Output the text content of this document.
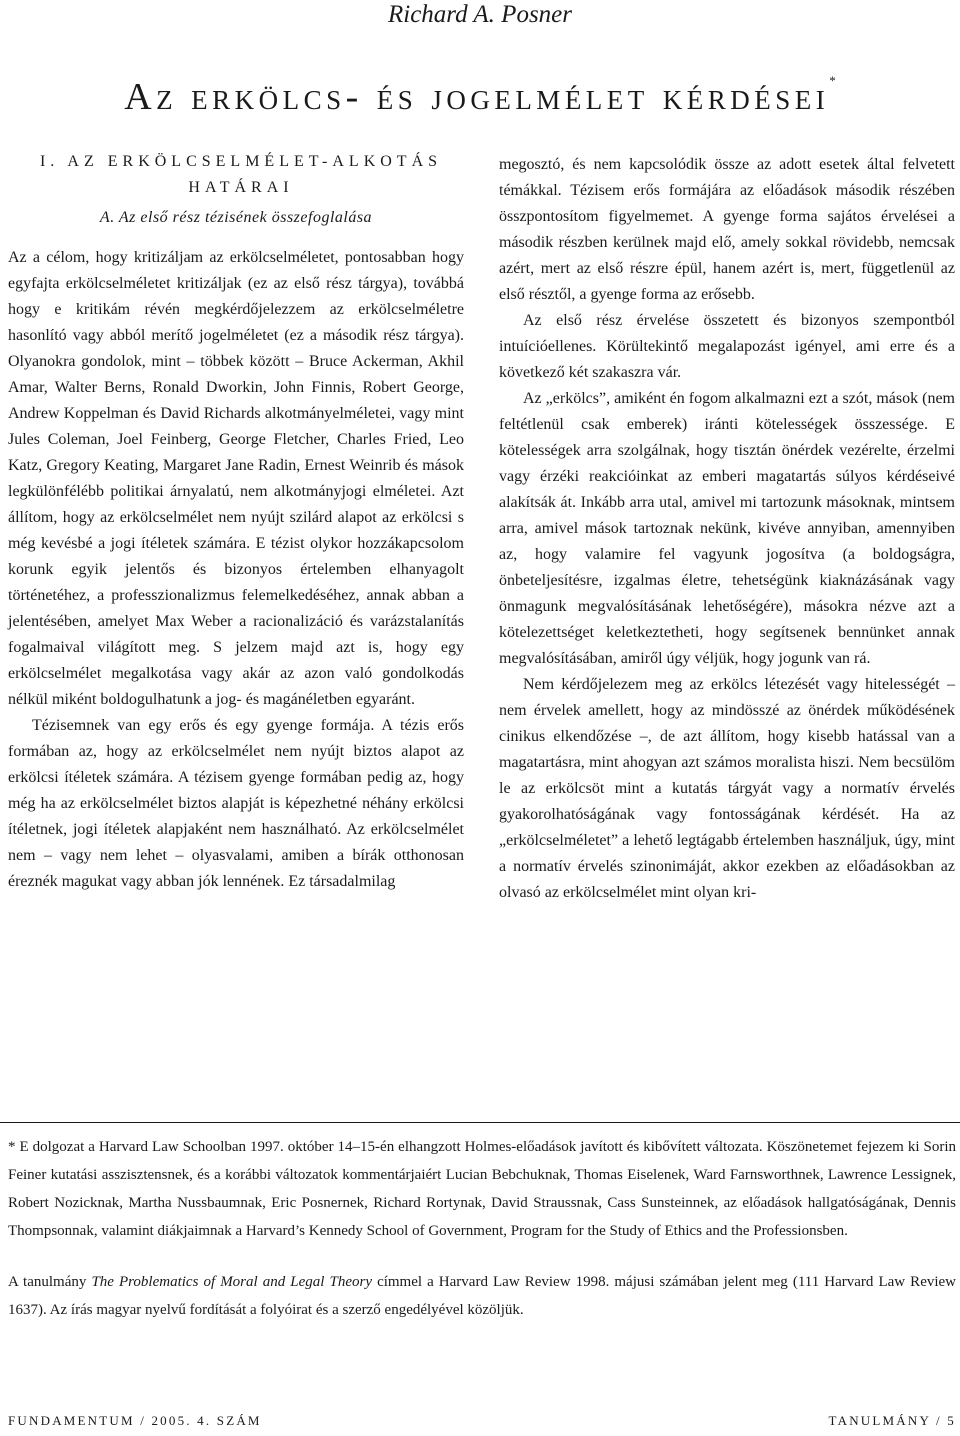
Richard A. Posner
Az erkölcs- és jogelmélet kérdései*
I. AZ ERKÖLCSELMÉLET-ALKOTÁS HATÁRAI
A. Az első rész tézisének összefoglalása

Az a célom, hogy kritizáljam az erkölcselméletet, pontosabban hogy egyfajta erkölcselméletet kritizáljak (ez az első rész tárgya), továbbá hogy e kritikám révén megkérdőjelezzem az erkölcselméletre hasonlító vagy abból merítő jogelméletet (ez a második rész tárgya). Olyanokra gondolok, mint – többek között – Bruce Ackerman, Akhil Amar, Walter Berns, Ronald Dworkin, John Finnis, Robert George, Andrew Koppelman és David Richards alkotmányelméletei, vagy mint Jules Coleman, Joel Feinberg, George Fletcher, Charles Fried, Leo Katz, Gregory Keating, Margaret Jane Radin, Ernest Weinrib és mások legkülönfélébb politikai árnyalatú, nem alkotmányjogi elméletei. Azt állítom, hogy az erkölcselmélet nem nyújt szilárd alapot az erkölcsi s még kevésbé a jogi ítéletek számára. E tézist olykor hozzákapcsolom korunk egyik jelentős és bizonyos értelemben elhanyagolt történetéhez, a professzionalizmus felemelkedéséhez, annak abban a jelentésében, amelyet Max Weber a racionalizáció és varázstalanítás fogalmaival világított meg. S jelzem majd azt is, hogy egy erkölcselmélet megalkotása vagy akár az azon való gondolkodás nélkül miként boldogulhatunk a jog- és magánéletben egyaránt.

Tézisemnek van egy erős és egy gyenge formája. A tézis erős formában az, hogy az erkölcselmélet nem nyújt biztos alapot az erkölcsi ítéletek számára. A tézisem gyenge formában pedig az, hogy még ha az erkölcselmélet biztos alapját is képezhetné néhány erkölcsi ítéletnek, jogi ítéletek alapjaként nem használható. Az erkölcselmélet nem – vagy nem lehet – olyasvalami, amiben a bírák otthonosan éreznék magukat vagy abban jók lennének. Ez társadalmilag

megosztó, és nem kapcsolódik össze az adott esetek által felvetett témákkal. Tézisem erős formájára az előadások második részében összpontosítom figyelmemet. A gyenge forma sajátos érvelései a második részben kerülnek majd elő, amely sokkal rövidebb, nemcsak azért, mert az első részre épül, hanem azért is, mert, függetlenül az első résztől, a gyenge forma az erősebb.

Az első rész érvelése összetett és bizonyos szempontból intuícióellenes. Körültekintő megalapozást igényel, ami erre és a következő két szakaszra vár.

Az „erkölcs”, amiként én fogom alkalmazni ezt a szót, mások (nem feltétlenül csak emberek) iránti kötelességek összessége. E kötelességek arra szolgálnak, hogy tisztán önérdek vezérelte, érzelmi vagy érzéki reakcióinkat az emberi magatartás súlyos kérdéseivé alakítsák át. Inkább arra utal, amivel mi tartozunk másoknak, mintsem arra, amivel mások tartoznak nekünk, kivéve annyiban, amennyiben az, hogy valamire fel vagyunk jogosítva (a boldogságra, önbeteljesítésre, izgalmas életre, tehetségünk kiaknázásának vagy önmagunk megvalósításának lehetőségére), másokra nézve azt a kötelezettséget keletkeztetheti, hogy segítsenek bennünket annak megvalósításában, amiről úgy véljük, hogy jogunk van rá.

Nem kérdőjelezem meg az erkölcs létezését vagy hitelességét – nem érvelek amellett, hogy az mindösszé az önérdek működésének cinikus elkendőzése –, de azt állítom, hogy kisebb hatással van a magatartásra, mint ahogyan azt számos moralista hiszi. Nem becsülöm le az erkölcsöt mint a kutatás tárgyát vagy a normatív érvelés gyakorolhatóságának vagy fontosságának kérdését. Ha az „erkölcselméletet” a lehető legtágabb értelemben használjuk, úgy, mint a normatív érvelés szinonimáját, akkor ezekben az előadásokban az olvasó az erkölcselmélet mint olyan kri-

* E dolgozat a Harvard Law Schoolban 1997. október 14–15-én elhangzott Holmes-előadások javított és kibővített változata. Köszönetemet fejezem ki Sorin Feiner kutatási asszisztensnek, és a korábbi változatok kommentárjaiért Lucian Bebchuknak, Thomas Eiselenek, Ward Farnsworthnek, Lawrence Lessignek, Robert Nozicknak, Martha Nussbaumnak, Eric Posnernek, Richard Rortynak, David Straussnak, Cass Sunsteinnek, az előadások hallgatóságának, Dennis Thompsonnak, valamint diákjaimnak a Harvard’s Kennedy School of Government, Program for the Study of Ethics and the Professionsben.

A tanulmány The Problematics of Moral and Legal Theory címmel a Harvard Law Review 1998. májusi számában jelent meg (111 Harvard Law Review 1637). Az írás magyar nyelvű fordítását a folyóirat és a szerző engedélyével közöljük.

FUNDAMENTUM / 2005. 4. SZÁM	TANULMÁNY / 5
